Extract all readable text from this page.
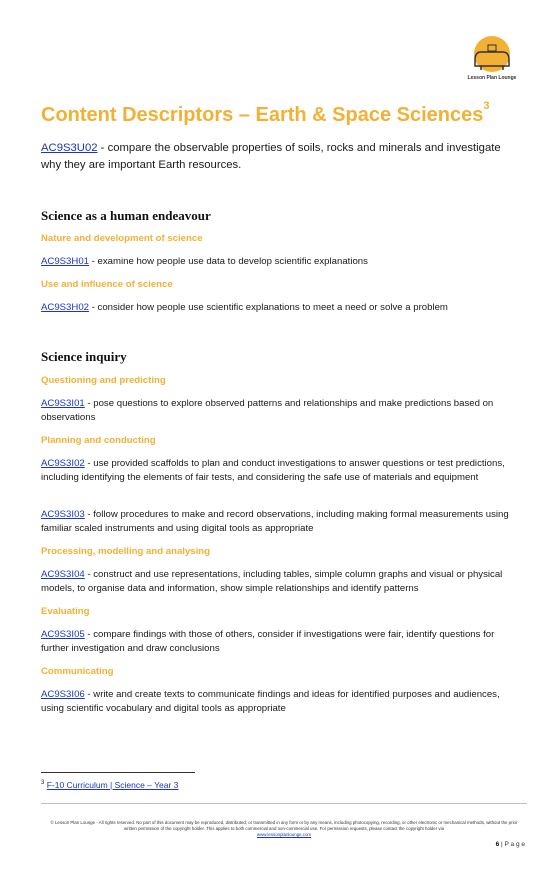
Lesson Plan Lounge
Content Descriptors – Earth & Space Sciences$^3$

AC9S3U02 - compare the observable properties of soils, rocks and minerals and investigate why they are important Earth resources.

Science as a human endeavour

Nature and development of science

AC9S3H01 - examine how people use data to develop scientific explanations

Use and influence of science

AC9S3H02 - consider how people use scientific explanations to meet a need or solve a problem

Science inquiry

Questioning and predicting

AC9S3I01 - pose questions to explore observed patterns and relationships and make predictions based on observations

Planning and conducting

AC9S3I02 - use provided scaffolds to plan and conduct investigations to answer questions or test predictions, including identifying the elements of fair tests, and considering the safe use of materials and equipment

AC9S3I03 - follow procedures to make and record observations, including making formal measurements using familiar scaled instruments and using digital tools as appropriate

Processing, modelling and analysing

AC9S3I04 - construct and use representations, including tables, simple column graphs and visual or physical models, to organise data and information, show simple relationships and identify patterns

Evaluating

AC9S3I05 - compare findings with those of others, consider if investigations were fair, identify questions for further investigation and draw conclusions

Communicating

AC9S3I06 - write and create texts to communicate findings and ideas for identified purposes and audiences, using scientific vocabulary and digital tools as appropriate

$^3$ F-10 Curriculum | Science – Year 3
© Lesson Plan Lounge - All rights reserved. No part of this document may be reproduced, distributed, or transmitted in any form or by any means, including photocopying, recording, or other electronic or mechanical methods, without the prior written permission of the copyright holder. This applies to both commercial and non-commercial use. For permission requests, please contact the copyright holder via
www.lessonplanlounge.com
6 | P a g e
